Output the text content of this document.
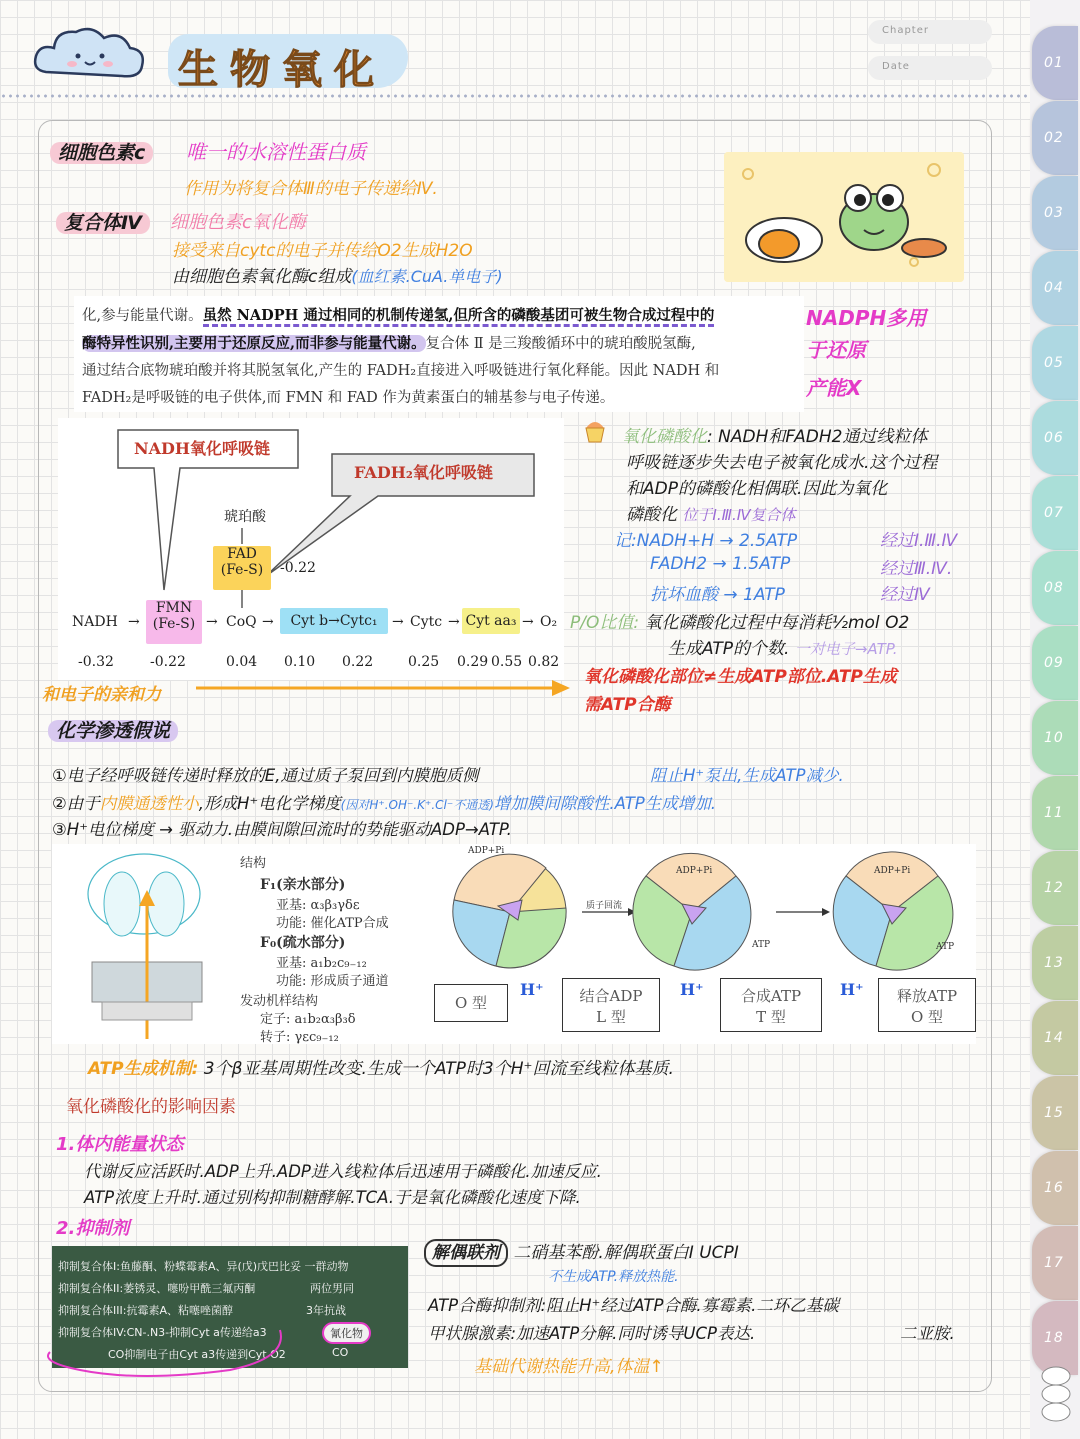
生物氧化
Chapter
Date	01
02
03
04
05
06
07
08
09
10
11
12
13
14
15
16
17
18
细胞色素c	唯一的水溶性蛋白质
作用为将复合体Ⅲ的电子传递给Ⅳ.
复合体Ⅳ	细胞色素c氧化酶
接受来自cytc的电子并传给O2生成H2O
由细胞色素氧化酶c组成(血红素.CuA.单电子)
化,参与能量代谢。虽然 NADPH 通过相同的机制传递氢,但所含的磷酸基团可被生物合成过程中的
酶特异性识别,主要用于还原反应,而非参与能量代谢。复合体 Ⅱ 是三羧酸循环中的琥珀酸脱氢酶,
通过结合底物琥珀酸并将其脱氢氧化,产生的 FADH₂直接进入呼吸链进行氧化释能。因此 NADH 和
FADH₂是呼吸链的电子供体,而 FMN 和 FAD 作为黄素蛋白的辅基参与电子传递。
NADPH多用
于还原
产能X
NADH氧化呼吸链
FADH₂氧化呼吸链
琥珀酸
FAD
(Fe-S)	-0.22
NADH →
FMN
(Fe-S) → CoQ →	Cyt b→Cytc₁	→ Cytc → Cyt aa₃ → O₂
-0.32	-0.22	0.04 0.10 0.22 0.25 0.29 0.55 0.82
和电子的亲和力
氧化磷酸化: NADH和FADH2通过线粒体
呼吸链逐步失去电子被氧化成水.这个过程
和ADP的磷酸化相偶联.因此为氧化
磷酸化 位于Ⅰ.Ⅲ.Ⅳ复合体
记:NADH+H → 2.5ATP	经过Ⅰ.Ⅲ.Ⅳ
FADH2 → 1.5ATP	经过Ⅲ.Ⅳ.
抗坏血酸 → 1ATP	经过Ⅳ
P/O比值: 氧化磷酸化过程中每消耗½mol O2
生成ATP的个数. 一对电子→ATP.
氧化磷酸化部位≠生成ATP部位.ATP生成
需ATP合酶
化学渗透假说
①电子经呼吸链传递时释放的E,通过质子泵回到内膜胞质侧	阻止H⁺泵出,生成ATP减少.
②由于内膜通透性小,形成H⁺电化学梯度(因对H⁺.OH⁻.K⁺.Cl⁻不通透)增加膜间隙酸性.ATP生成增加.
③H⁺电位梯度 → 驱动力.由膜间隙回流时的势能驱动ADP→ATP.
结构
F₁(亲水部分)
亚基: α₃β₃γδε
功能: 催化ATP合成
F₀(疏水部分)
亚基: a₁b₂c₉₋₁₂
功能: 形成质子通道
发动机样结构
定子: a₁b₂α₃β₃δ
转子: γεc₉₋₁₂
ADP+Pi
ADP+Pi	ADP+Pi
质子回流
ATP	ATP
O 型
H⁺	结合ADP
L 型
H⁺	合成ATP
T 型
H⁺	释放ATP
O 型
ATP生成机制: 3个β亚基周期性改变.生成一个ATP时3个H⁺回流至线粒体基质.
氧化磷酸化的影响因素
1.体内能量状态
代谢反应活跃时.ADP上升.ADP进入线粒体后迅速用于磷酸化.加速反应.
ATP浓度上升时.通过别构抑制糖酵解.TCA.于是氧化磷酸化速度下降.
2.抑制剂
抑制复合体I:鱼藤酮、粉蝶霉素A、异(戊)戊巴比妥 一群动物
抑制复合体II:萎锈灵、噻吩甲酰三氟丙酮	两位男同
抑制复合体III:抗霉素A、粘噻唑菌醇	3年抗战
抑制复合体IV:CN-.N3-抑制Cyt a传递给a3	氰化物
CO抑制电子由Cyt a3传递到Cyt O2	CO
解偶联剂 二硝基苯酚.解偶联蛋白Ⅰ UCPⅠ
不生成ATP.释放热能.
ATP合酶抑制剂:阻止H⁺经过ATP合酶.寡霉素.二环乙基碳
甲状腺激素:加速ATP分解.同时诱导UCP表达.	二亚胺.
基础代谢热能升高,体温↑
